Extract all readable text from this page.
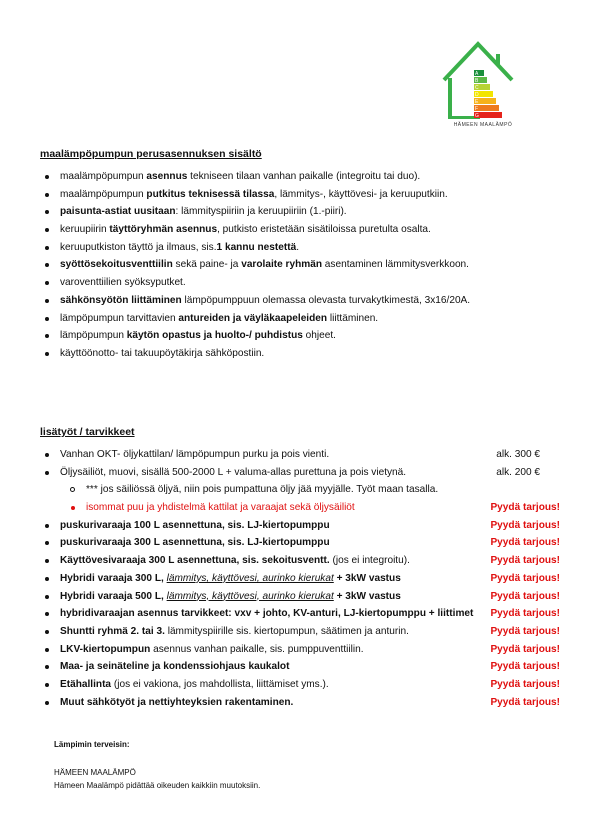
A
B
C
D
E
F
G
HÄMEEN MAALÄMPÖ
maalämpöpumpun perusasennuksen sisältö
maalämpöpumpun asennus tekniseen tilaan vanhan paikalle (integroitu tai duo).
maalämpöpumpun putkitus teknisessä tilassa, lämmitys-, käyttövesi- ja keruuputkiin.
paisunta-astiat uusitaan: lämmityspiiriin ja keruupiiriin (1.-piiri).
keruupiirin täyttöryhmän asennus, putkisto eristetään sisätiloissa puretulta osalta.
keruuputkiston täyttö ja ilmaus, sis.1 kannu nestettä.
syöttösekoitusventtiilin sekä paine- ja varolaite ryhmän asentaminen lämmitysverkkoon.
varoventtiilien syöksyputket.
sähkönsyötön liittäminen lämpöpumppuun olemassa olevasta turvakytkimestä, 3x16/20A.
lämpöpumpun tarvittavien antureiden ja väyläkaapeleiden liittäminen.
lämpöpumpun käytön opastus ja huolto-/ puhdistus ohjeet.
käyttöönotto- tai takuupöytäkirja sähköpostiin.
lisätyöt / tarvikkeet
Vanhan OKT- öljykattilan/ lämpöpumpun purku ja pois vienti.	alk. 300 €
Öljysäiliöt, muovi, sisällä 500-2000 L + valuma-allas purettuna ja pois vietynä.	alk. 200 €
*** jos säiliössä öljyä, niin pois pumpattuna öljy jää myyjälle. Työt maan tasalla.
isommat puu ja yhdistelmä kattilat ja varaajat sekä öljysäiliöt	Pyydä tarjous!
puskurivaraaja 100 L asennettuna, sis. LJ-kiertopumppu	Pyydä tarjous!
puskurivaraaja 300 L asennettuna, sis. LJ-kiertopumppu	Pyydä tarjous!
Käyttövesivaraaja 300 L asennettuna, sis. sekoitusventt. (jos ei integroitu).	Pyydä tarjous!
Hybridi varaaja 300 L, lämmitys, käyttövesi, aurinko kierukat + 3kW vastus	Pyydä tarjous!
Hybridi varaaja 500 L, lämmitys, käyttövesi, aurinko kierukat + 3kW vastus	Pyydä tarjous!
hybridivaraajan asennus tarvikkeet: vxv + johto, KV-anturi, LJ-kiertopumppu + liittimet Pyydä tarjous!
Shuntti ryhmä 2. tai 3. lämmityspiirille sis. kiertopumpun, säätimen ja anturin.	Pyydä tarjous!
LKV-kiertopumpun asennus vanhan paikalle, sis. pumppuventtiilin.	Pyydä tarjous!
Maa- ja seinäteline ja kondenssiohjaus kaukalot	Pyydä tarjous!
Etähallinta (jos ei vakiona, jos mahdollista, liittämiset yms.).	Pyydä tarjous!
Muut sähkötyöt ja nettiyhteyksien rakentaminen.	Pyydä tarjous!
Lämpimin terveisin:
HÄMEEN MAALÄMPÖ
Hämeen Maalämpö pidättää oikeuden kaikkiin muutoksiin.
